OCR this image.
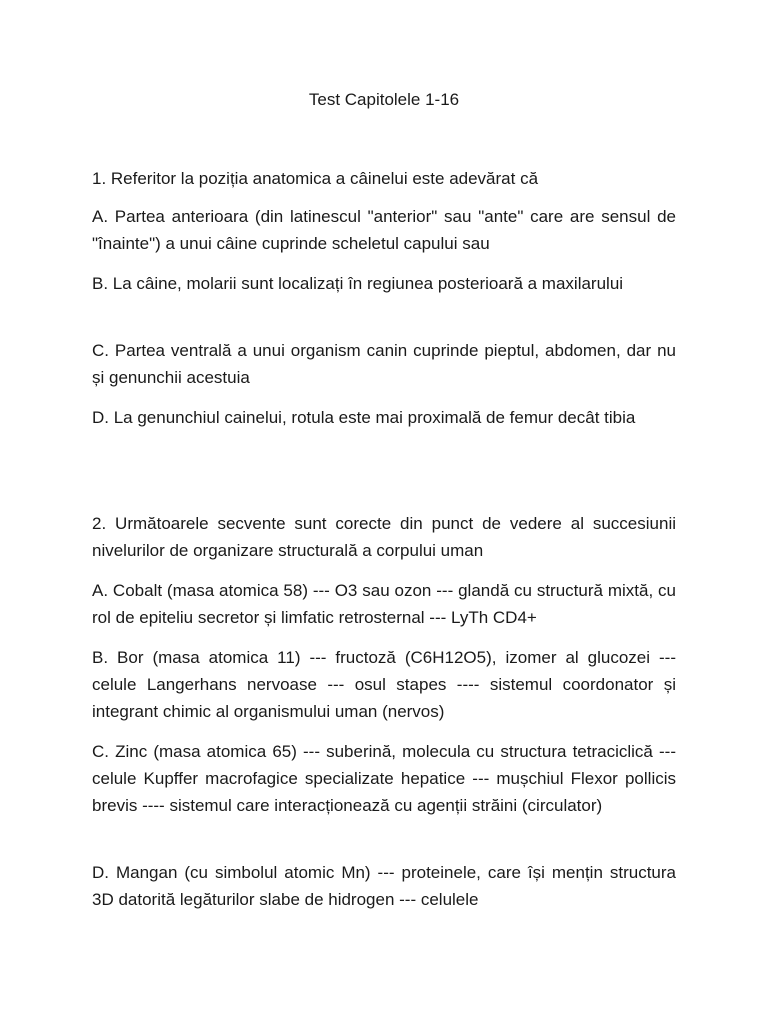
Test Capitolele 1-16

1. Referitor la poziția anatomica a câinelui este adevărat că

A. Partea anterioara (din latinescul "anterior" sau "ante" care are sensul de "înainte") a unui câine cuprinde scheletul capului sau

B. La câine, molarii sunt localizați în regiunea posterioară a maxilarului

C. Partea ventrală a unui organism canin cuprinde pieptul, abdomen, dar nu și genunchii acestuia

D. La genunchiul cainelui, rotula este mai proximală de femur decât tibia

2. Următoarele secvente sunt corecte din punct de vedere al succesiunii nivelurilor de organizare structurală a corpului uman

A. Cobalt (masa atomica 58) --- O3 sau ozon --- glandă cu structură mixtă, cu rol de epiteliu secretor și limfatic retrosternal --- LyTh CD4+

B. Bor (masa atomica 11) --- fructoză (C6H12O5), izomer al glucozei --- celule Langerhans nervoase --- osul stapes ---- sistemul coordonator și integrant chimic al organismului uman (nervos)

C. Zinc (masa atomica 65) --- suberină, molecula cu structura tetraciclică --- celule Kupffer macrofagice specializate hepatice --- mușchiul Flexor pollicis brevis ---- sistemul care interacționează cu agenții străini (circulator)

D. Mangan (cu simbolul atomic Mn) --- proteinele, care își mențin structura 3D datorită legăturilor slabe de hidrogen --- celulele
